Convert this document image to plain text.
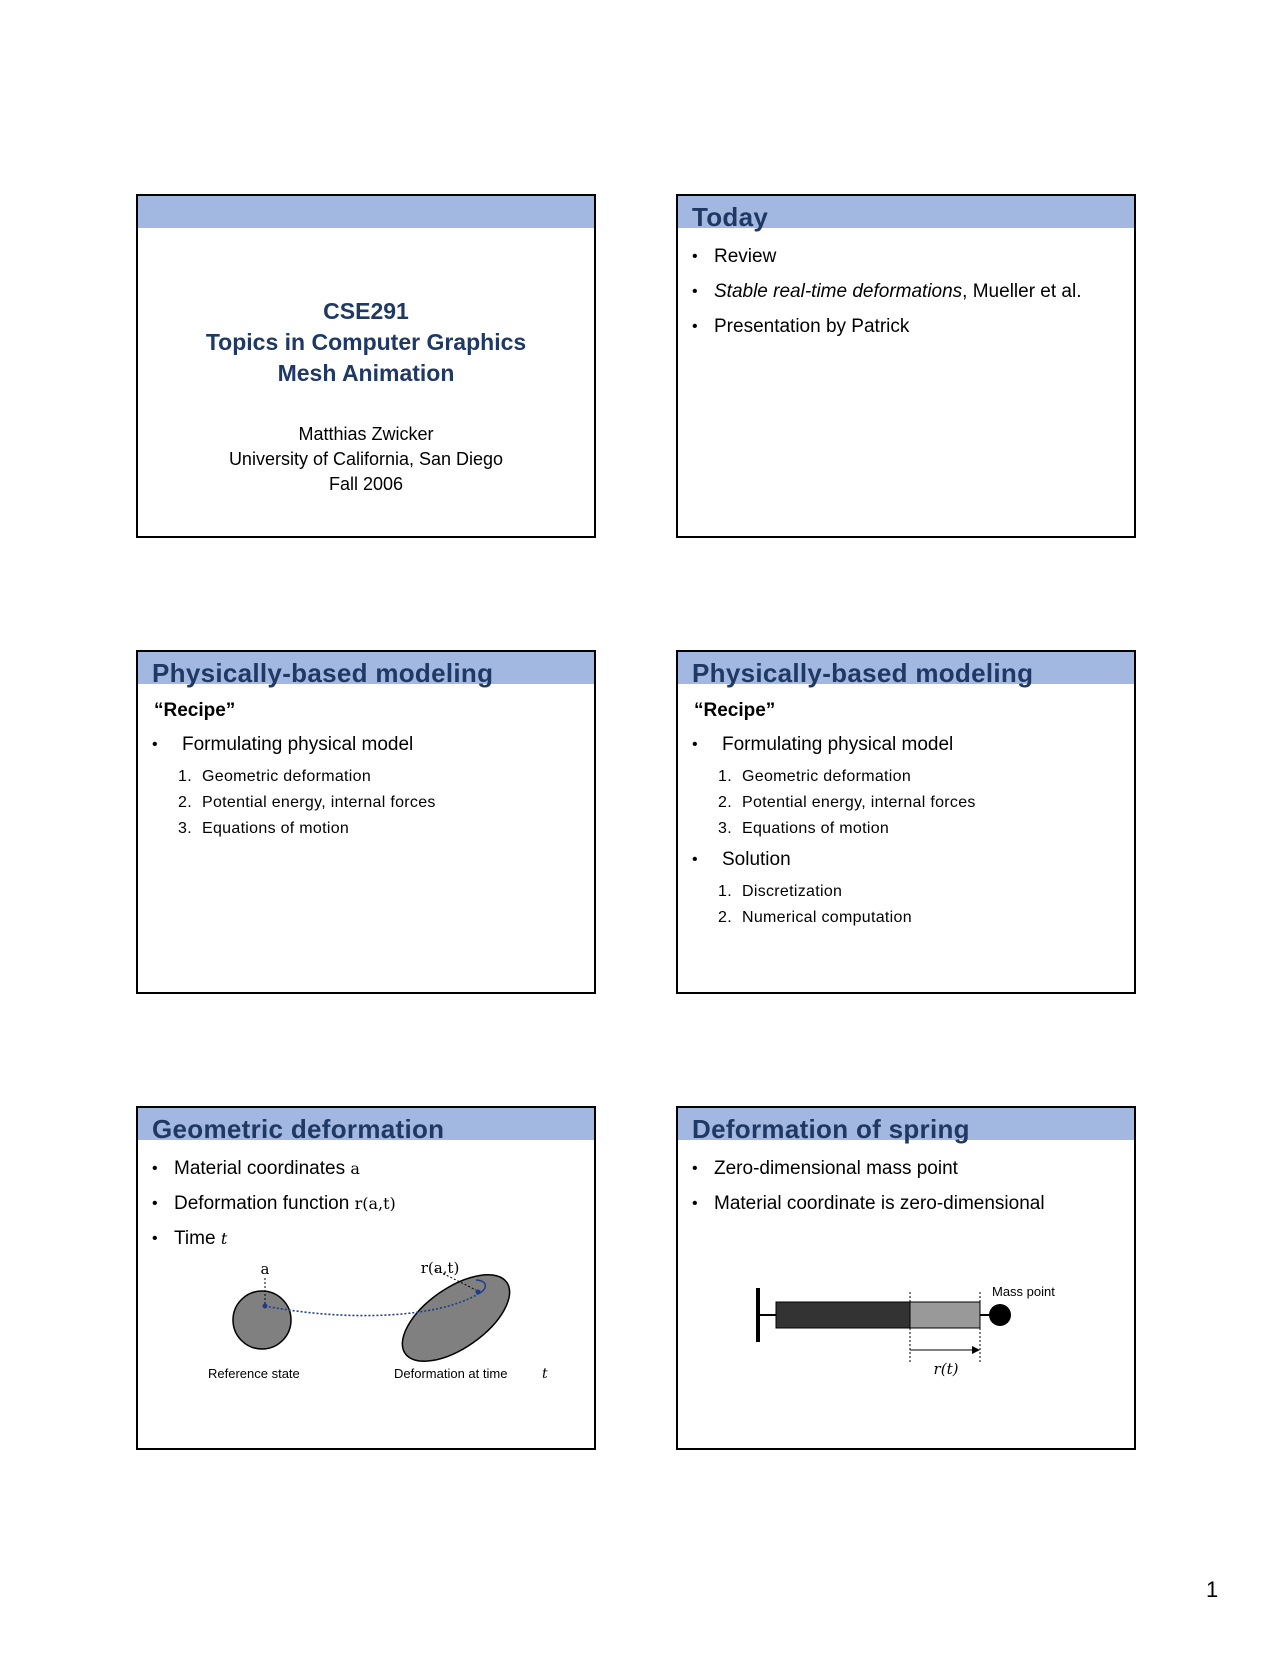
CSE291
Topics in Computer Graphics
Mesh Animation
Matthias Zwicker
University of California, San Diego
Fall 2006
Today
• Review
• Stable real-time deformations, Mueller et al.
• Presentation by Patrick
Physically-based modeling
“Recipe”
•	Formulating physical model
1. Geometric deformation
2. Potential energy, internal forces
3. Equations of motion
Physically-based modeling
“Recipe”
•	Formulating physical model
1. Geometric deformation
2. Potential energy, internal forces
3. Equations of motion
•	Solution
1. Discretization
2. Numerical computation
Geometric deformation
• Material coordinates a
• Deformation function r(a,t)
• Time t
a	r(a,t)
Reference state	Deformation at time t
Deformation of spring
• Zero-dimensional mass point
• Material coordinate is zero-dimensional
Mass point
r(t)
1
